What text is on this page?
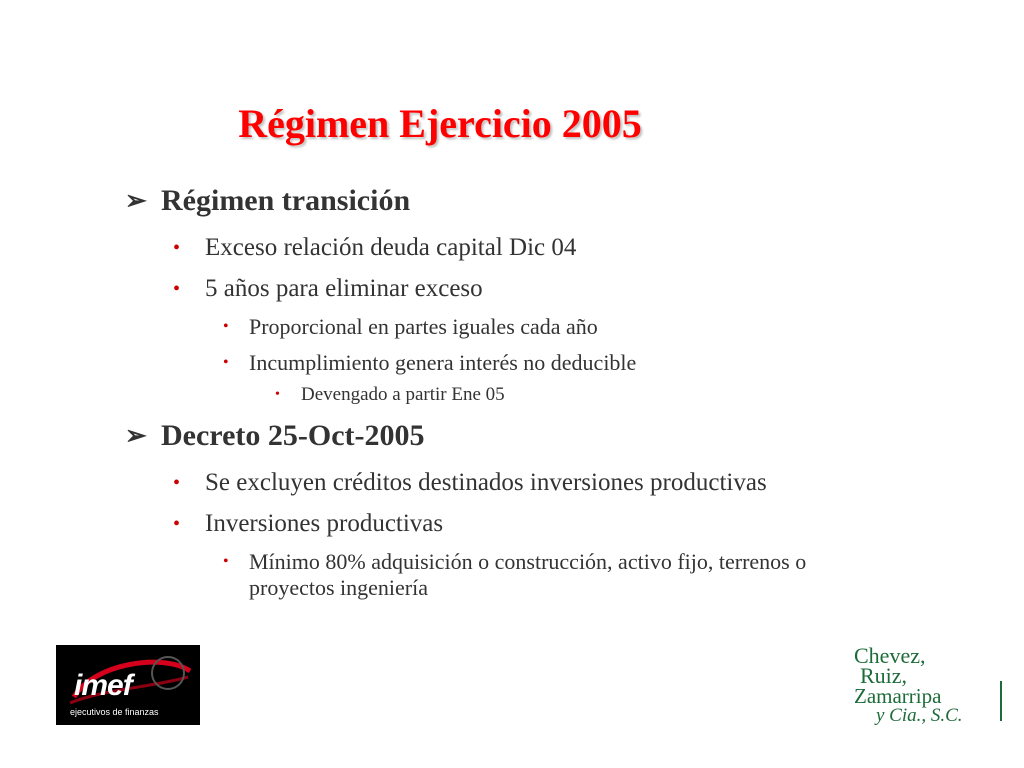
Régimen Ejercicio 2005
➢ Régimen transición
• Exceso relación deuda capital Dic 04
• 5 años para eliminar exceso
• Proporcional en partes iguales cada año
• Incumplimiento genera interés no deducible
• Devengado a partir Ene 05
➢ Decreto 25-Oct-2005
• Se excluyen créditos destinados inversiones productivas
• Inversiones productivas
• Mínimo 80% adquisición o construcción, activo fijo, terrenos o proyectos ingeniería
imef
ejecutivos de finanzas
Chevez,
Ruiz,
Zamarripa
y Cia., S.C.
